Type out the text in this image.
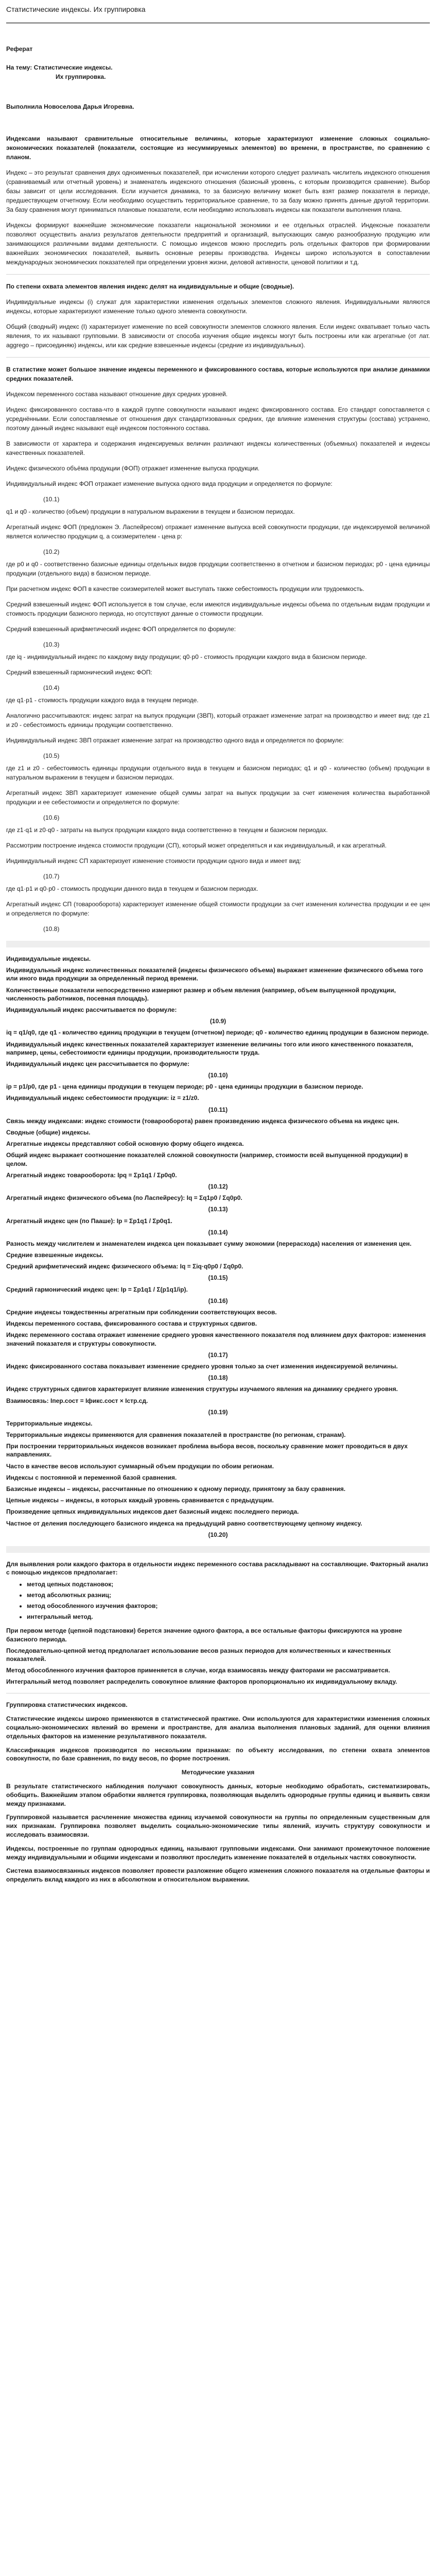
Статистические индексы. Их группировка

Реферат

На тему: Статистические индексы.

Их группировка.

Выполнила Новоселова Дарья Игоревна.

Индексами называют сравнительные относительные величины, которые характеризуют изменение сложных социально-экономических показателей (показатели, состоящие из несуммируемых элементов) во времени, в пространстве, по сравнению с планом.

Индекс – это результат сравнения двух одноименных показателей, при исчислении которого следует различать числитель индексного отношения (сравниваемый или отчетный уровень) и знаменатель индексного отношения (базисный уровень, с которым производится сравнение). Выбор базы зависит от цели исследования. Если изучается динамика, то за базисную величину может быть взят размер показателя в периоде, предшествующем отчетному. Если необходимо осуществить территориальное сравнение, то за базу можно принять данные другой территории. За базу сравнения могут приниматься плановые показатели, если необходимо использовать индексы как показатели выполнения плана.

Индексы формируют важнейшие экономические показатели национальной экономики и ее отдельных отраслей. Индексные показатели позволяют осуществить анализ результатов деятельности предприятий и организаций, выпускающих самую разнообразную продукцию или занимающихся различными видами деятельности. С помощью индексов можно проследить роль отдельных факторов при формировании важнейших экономических показателей, выявить основные резервы производства. Индексы широко используются в сопоставлении международных экономических показателей при определении уровня жизни, деловой активности, ценовой политики и т.д.

По степени охвата элементов явления индекс делят на индивидуальные и общие (сводные).

Индивидуальные индексы (i) служат для характеристики изменения отдельных элементов сложного явления. Индивидуальными являются индексы, которые характеризуют изменение только одного элемента совокупности.

Общий (сводный) индекс (I) характеризует изменение по всей совокупности элементов сложного явления. Если индекс охватывает только часть явления, то их называют групповыми. В зависимости от способа изучения общие индексы могут быть построены или как агрегатные (от лат. aggrego – присоединяю) индексы, или как средние взвешенные индексы (средние из индивидуальных).

В статистике может большое значение индексы переменного и фиксированного состава, которые используются при анализе динамики средних показателей.

Индексом переменного состава называют отношение двух средних уровней.

Индекс фиксированного состава-что в каждой группе совокупности называют индекс фиксированного состава. Его стандарт сопоставляется с усреднёнными. Если сопоставляемые от отношения двух стандартизованных средних, где влияние изменения структуры (состава) устранено, поэтому данный индекс называют ещё индексом постоянного состава.

В зависимости от характера и содержания индексируемых величин различают индексы количественных (объемных) показателей и индексы качественных показателей.

Индекс физического объёма продукции (ФОП) отражает изменение выпуска продукции.

Индивидуальный индекс ФОП отражает изменение выпуска одного вида продукции и определяется по формуле:

(10.1)

q1 и q0 - количество (объем) продукции в натуральном выражении в текущем и базисном периодах.

Агрегатный индекс ФОП (предложен Э. Ласпейресом) отражает изменение выпуска всей совокупности продукции, где индексируемой величиной является количество продукции q, а соизмерителем - цена p:

(10.2)

где p0 и q0 - соответственно базисные единицы отдельных видов продукции соответственно в отчетном и базисном периодах; p0 - цена единицы продукции (отдельного вида) в базисном периоде.

При расчетном индекс ФОП в качестве соизмерителей может выступать также себестоимость продукции или трудоемкость.

Средний взвешенный индекс ФОП используется в том случае, если имеются индивидуальные индексы объема по отдельным видам продукции и стоимость продукции базисного периода, но отсутствуют данные о стоимости продукции.

Средний взвешенный арифметический индекс ФОП определяется по формуле:

(10.3)

где iq - индивидуальный индекс по каждому виду продукции; q0·p0 - стоимость продукции каждого вида в базисном периоде.

Средний взвешенный гармонический индекс ФОП:

(10.4)

где q1·p1 - стоимость продукции каждого вида в текущем периоде.

Аналогично рассчитываются: индекс затрат на выпуск продукции (ЗВП), который отражает изменение затрат на производство и имеет вид: где z1 и z0 - себестоимость единицы продукции соответственно.

Индивидуальный индекс ЗВП отражает изменение затрат на производство одного вида и определяется по формуле:

(10.5)

где z1 и z0 - себестоимость единицы продукции отдельного вида в текущем и базисном периодах; q1 и q0 - количество (объем) продукции в натуральном выражении в текущем и базисном периодах.

Агрегатный индекс ЗВП характеризует изменение общей суммы затрат на выпуск продукции за счет изменения количества выработанной продукции и ее себестоимости и определяется по формуле:

(10.6)

где z1·q1 и z0·q0 - затраты на выпуск продукции каждого вида соответственно в текущем и базисном периодах.

Рассмотрим построение индекса стоимости продукции (СП), который может определяться и как индивидуальный, и как агрегатный.

Индивидуальный индекс СП характеризует изменение стоимости продукции одного вида и имеет вид:

(10.7)

где q1·p1 и q0·p0 - стоимость продукции данного вида в текущем и базисном периодах.

Агрегатный индекс СП (товарооборота) характеризует изменение общей стоимости продукции за счет изменения количества продукции и ее цен и определяется по формуле:

(10.8)

Индивидуальные индексы.

Индивидуальный индекс количественных показателей (индексы физического объема) выражает изменение физического объема того или иного вида продукции за определенный период времени.

Количественные показатели непосредственно измеряют размер и объем явления (например, объем выпущенной продукции, численность работников, посевная площадь).

Индивидуальный индекс рассчитывается по формуле:

(10.9)

iq = q1/q0, где q1 - количество единиц продукции в текущем (отчетном) периоде; q0 - количество единиц продукции в базисном периоде.

Индивидуальный индекс качественных показателей характеризует изменение величины того или иного качественного показателя, например, цены, себестоимости единицы продукции, производительности труда.

Индивидуальный индекс цен рассчитывается по формуле:

(10.10)

ip = p1/p0, где p1 - цена единицы продукции в текущем периоде; p0 - цена единицы продукции в базисном периоде.

Индивидуальный индекс себестоимости продукции: iz = z1/z0.

(10.11)

Связь между индексами: индекс стоимости (товарооборота) равен произведению индекса физического объема на индекс цен.

Сводные (общие) индексы.

Агрегатные индексы представляют собой основную форму общего индекса.

Общий индекс выражает соотношение показателей сложной совокупности (например, стоимости всей выпущенной продукции) в целом.

Агрегатный индекс товарооборота: Ipq = Σp1q1 / Σp0q0.

(10.12)

Агрегатный индекс физического объема (по Ласпейресу): Iq = Σq1p0 / Σq0p0.

(10.13)

Агрегатный индекс цен (по Пааше): Ip = Σp1q1 / Σp0q1.

(10.14)

Разность между числителем и знаменателем индекса цен показывает сумму экономии (перерасхода) населения от изменения цен.

Средние взвешенные индексы.

Средний арифметический индекс физического объема: Iq = Σiq·q0p0 / Σq0p0.

(10.15)

Средний гармонический индекс цен: Ip = Σp1q1 / Σ(p1q1/ip).

(10.16)

Средние индексы тождественны агрегатным при соблюдении соответствующих весов.

Индексы переменного состава, фиксированного состава и структурных сдвигов.

Индекс переменного состава отражает изменение среднего уровня качественного показателя под влиянием двух факторов: изменения значений показателя и структуры совокупности.

(10.17)

Индекс фиксированного состава показывает изменение среднего уровня только за счет изменения индексируемой величины.

(10.18)

Индекс структурных сдвигов характеризует влияние изменения структуры изучаемого явления на динамику среднего уровня.

Взаимосвязь: Iпер.сост = Iфикс.сост × Iстр.сд.

(10.19)

Территориальные индексы.

Территориальные индексы применяются для сравнения показателей в пространстве (по регионам, странам).

При построении территориальных индексов возникает проблема выбора весов, поскольку сравнение может проводиться в двух направлениях.

Часто в качестве весов используют суммарный объем продукции по обоим регионам.

Индексы с постоянной и переменной базой сравнения.

Базисные индексы – индексы, рассчитанные по отношению к одному периоду, принятому за базу сравнения.

Цепные индексы – индексы, в которых каждый уровень сравнивается с предыдущим.

Произведение цепных индивидуальных индексов дает базисный индекс последнего периода.

Частное от деления последующего базисного индекса на предыдущий равно соответствующему цепному индексу.

(10.20)

Для выявления роли каждого фактора в отдельности индекс переменного состава раскладывают на составляющие. Факторный анализ с помощью индексов предполагает:

• метод цепных подстановок;
• метод абсолютных разниц;
• метод обособленного изучения факторов;
• интегральный метод.

При первом методе (цепной подстановки) берется значение одного фактора, а все остальные факторы фиксируются на уровне базисного периода.

Последовательно-цепной метод предполагает использование весов разных периодов для количественных и качественных показателей.

Метод обособленного изучения факторов применяется в случае, когда взаимосвязь между факторами не рассматривается.

Интегральный метод позволяет распределить совокупное влияние факторов пропорционально их индивидуальному вкладу.

Группировка статистических индексов.

Статистические индексы широко применяются в статистической практике. Они используются для характеристики изменения сложных социально-экономических явлений во времени и пространстве, для анализа выполнения плановых заданий, для оценки влияния отдельных факторов на изменение результативного показателя.

Классификация индексов производится по нескольким признакам: по объекту исследования, по степени охвата элементов совокупности, по базе сравнения, по виду весов, по форме построения.

Методические указания

В результате статистического наблюдения получают совокупность данных, которые необходимо обработать, систематизировать, обобщить. Важнейшим этапом обработки является группировка, позволяющая выделить однородные группы единиц и выявить связи между признаками.

Группировкой называется расчленение множества единиц изучаемой совокупности на группы по определенным существенным для них признакам. Группировка позволяет выделить социально-экономические типы явлений, изучить структуру совокупности и исследовать взаимосвязи.

Индексы, построенные по группам однородных единиц, называют групповыми индексами. Они занимают промежуточное положение между индивидуальными и общими индексами и позволяют проследить изменение показателей в отдельных частях совокупности.

Система взаимосвязанных индексов позволяет провести разложение общего изменения сложного показателя на отдельные факторы и определить вклад каждого из них в абсолютном и относительном выражении.
